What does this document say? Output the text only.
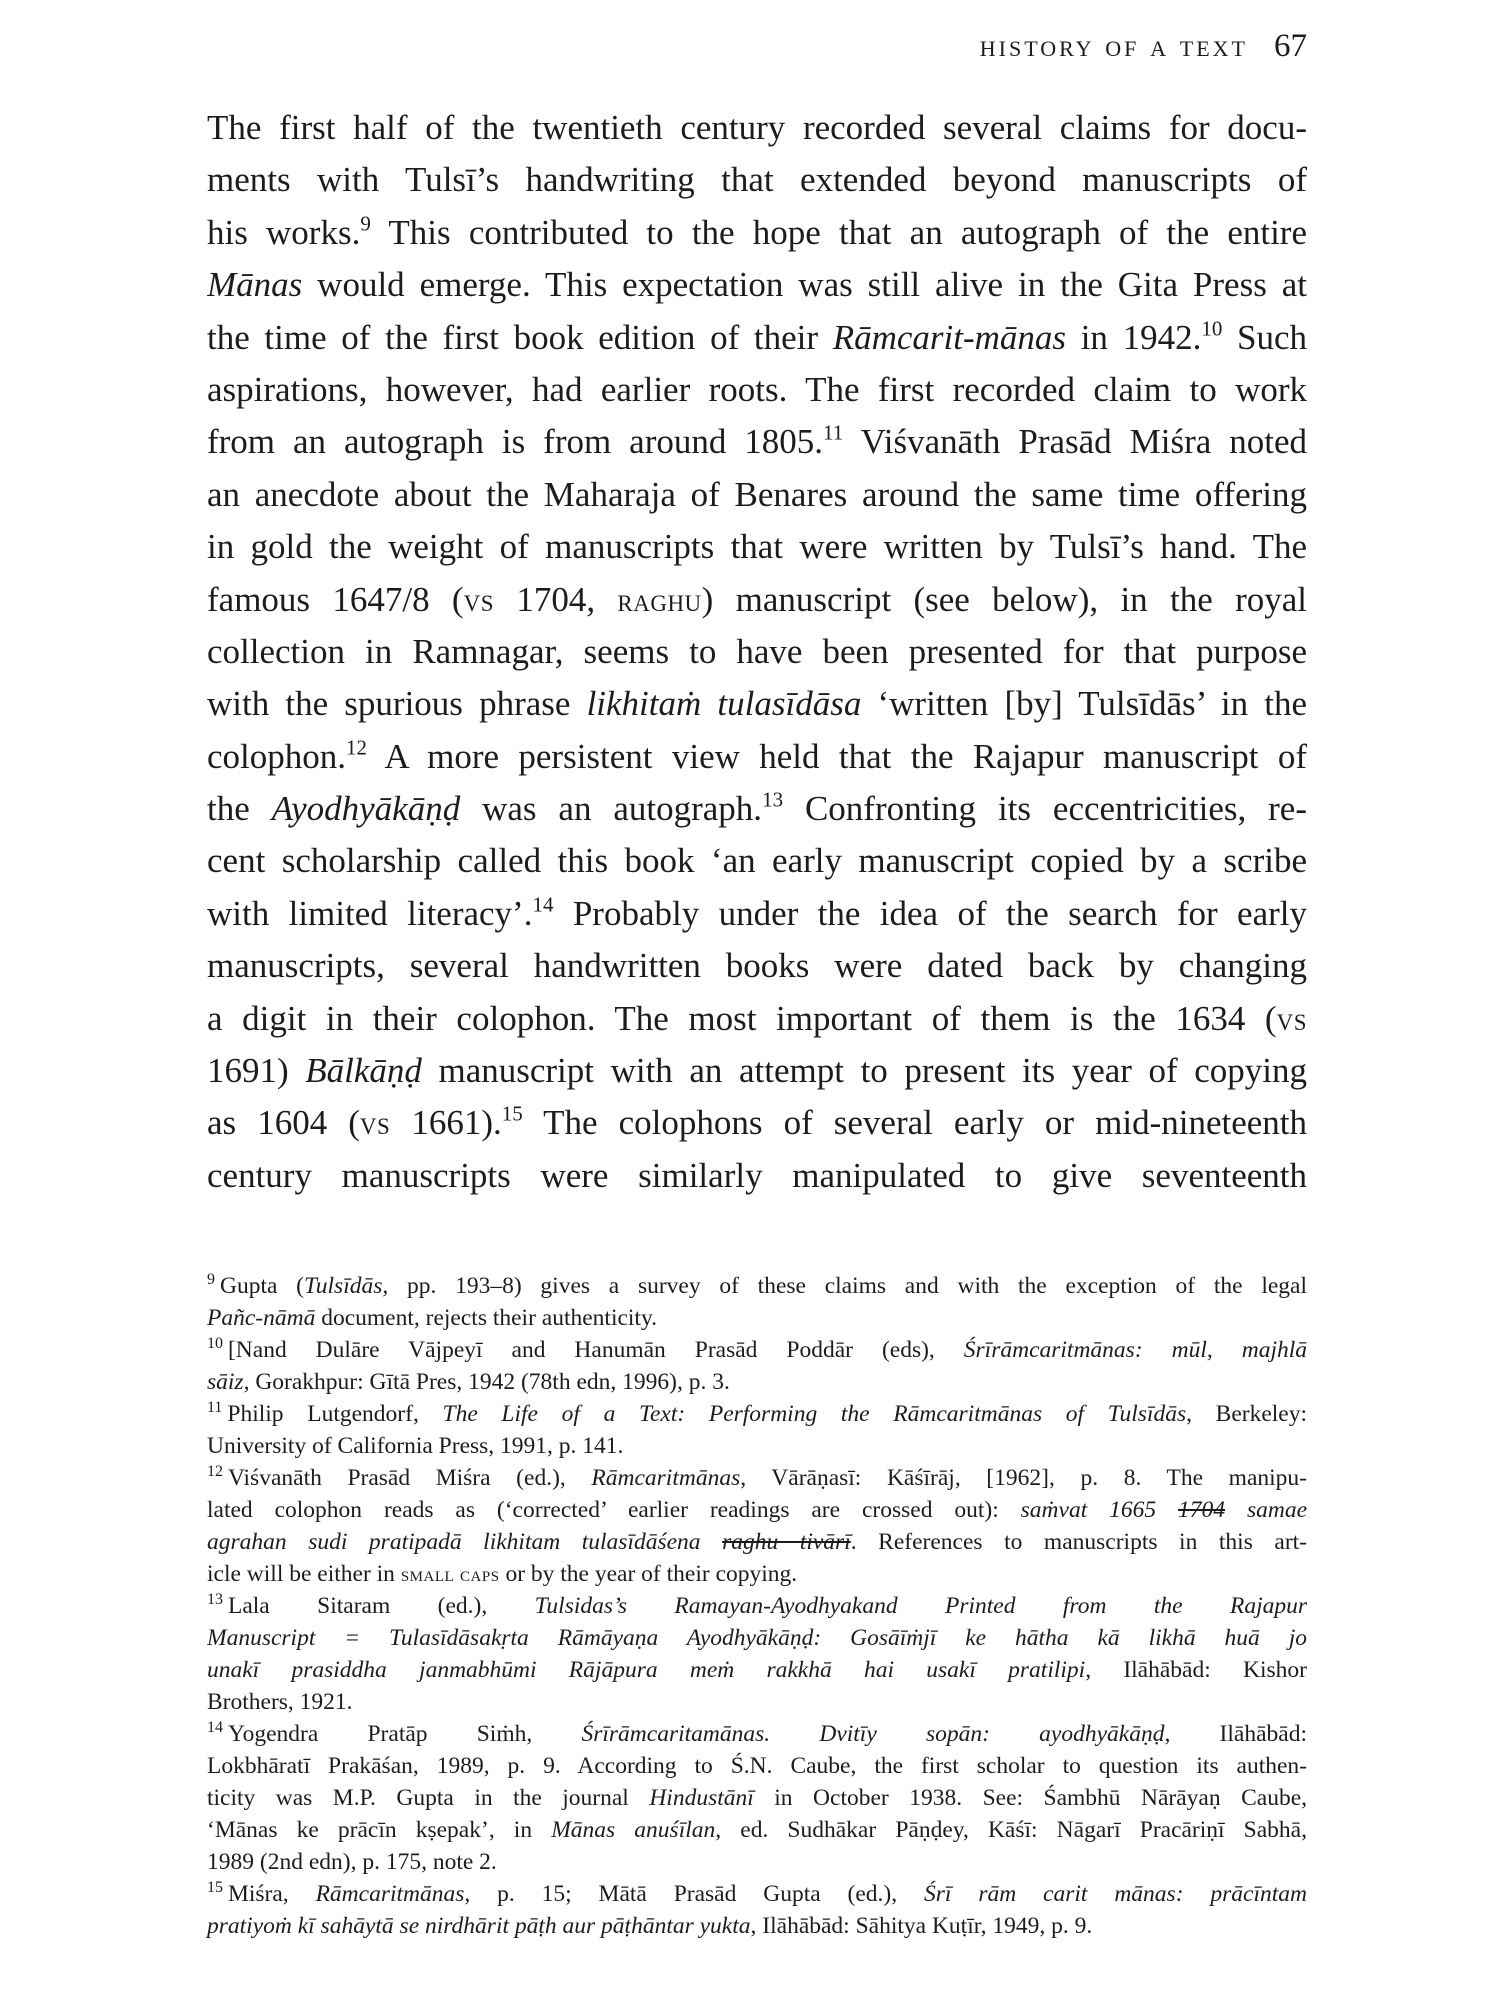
history of a text 67
The first half of the twentieth century recorded several claims for docu-
ments with Tulsī’s handwriting that extended beyond manuscripts of
his works.$^9$ This contributed to the hope that an autograph of the entire
Mānas would emerge. This expectation was still alive in the Gita Press at
the time of the first book edition of their Rāmcarit-mānas in 1942.10 Such
aspirations, however, had earlier roots. The first recorded claim to work
from an autograph is from around 1805.11 Viśvanāth Prasād Miśra noted
an anecdote about the Maharaja of Benares around the same time offering
in gold the weight of manuscripts that were written by Tulsī’s hand. The
famous 1647/8 (vs 1704, raghu) manuscript (see below), in the royal
collection in Ramnagar, seems to have been presented for that purpose
with the spurious phrase likhitaṁ tulasīdāsa ‘written [by] Tulsīdās’ in the
colophon.$^{12}$ A more persistent view held that the Rajapur manuscript of
the Ayodhyākāṇḍ was an autograph.$^{13}$ Confronting its eccentricities, re-
cent scholarship called this book ‘an early manuscript copied by a scribe
with limited literacy’.$^{14}$ Probably under the idea of the search for early
manuscripts, several handwritten books were dated back by changing
a digit in their colophon. The most important of them is the 1634 (vs
1691) Bālkāṇḍ manuscript with an attempt to present its year of copying
as 1604 (vs 1661).$^{15}$ The colophons of several early or mid-nineteenth
century manuscripts were similarly manipulated to give seventeenth
$^9$ Gupta (Tulsīdās, pp. 193–8) gives a survey of these claims and with the exception of the legal
Pañc-nāmā document, rejects their authenticity.
$^{10}$ [Nand Dulāre Vājpeyī and Hanumān Prasād Poddār (eds), Śrīrāmcaritmānas: mūl, majhlā
sāiz, Gorakhpur: Gītā Pres, 1942 (78th edn, 1996), p. 3.
$^{11}$ Philip Lutgendorf, The Life of a Text: Performing the Rāmcaritmānas of Tulsīdās, Berkeley:
University of California Press, 1991, p. 141.
$^{12}$ Viśvanāth Prasād Miśra (ed.), Rāmcaritmānas, Vārāṇasī: Kāśīrāj, [1962], p. 8. The manipu-
lated colophon reads as (‘corrected’ earlier readings are crossed out): saṁvat 1665 1704 samae
agrahan sudi pratipadā likhitam tulasīdāśena raghu tivārī. References to manuscripts in this art-
icle will be either in small caps or by the year of their copying.
$^{13}$ Lala Sitaram (ed.), Tulsidas’s Ramayan-Ayodhyakand Printed from the Rajapur
Manuscript = Tulasīdāsakṛta Rāmāyaṇa Ayodhyākāṇḍ: Gosāīṁjī ke hātha kā likhā huā jo
unakī prasiddha janmabhūmi Rājāpura meṁ rakkhā hai usakī pratilipi, Ilāhābād: Kishor
Brothers, 1921.
$^{14}$ Yogendra Pratāp Siṁh, Śrīrāmcaritamānas. Dvitīy sopān: ayodhyākāṇḍ, Ilāhābād:
Lokbhāratī Prakāśan, 1989, p. 9. According to Ś.N. Caube, the first scholar to question its authen-
ticity was M.P. Gupta in the journal Hindustānī in October 1938. See: Śambhū Nārāyaṇ Caube,
‘Mānas ke prācīn kṣepak’, in Mānas anuśīlan, ed. Sudhākar Pāṇḍey, Kāśī: Nāgarī Pracāriṇī Sabhā,
1989 (2nd edn), p. 175, note 2.
$^{15}$ Miśra, Rāmcaritmānas, p. 15; Mātā Prasād Gupta (ed.), Śrī rām carit mānas: prācīntam
pratiyoṁ kī sahāytā se nirdhārit pāṭh aur pāṭhāntar yukta, Ilāhābād: Sāhitya Kuṭīr, 1949, p. 9.
